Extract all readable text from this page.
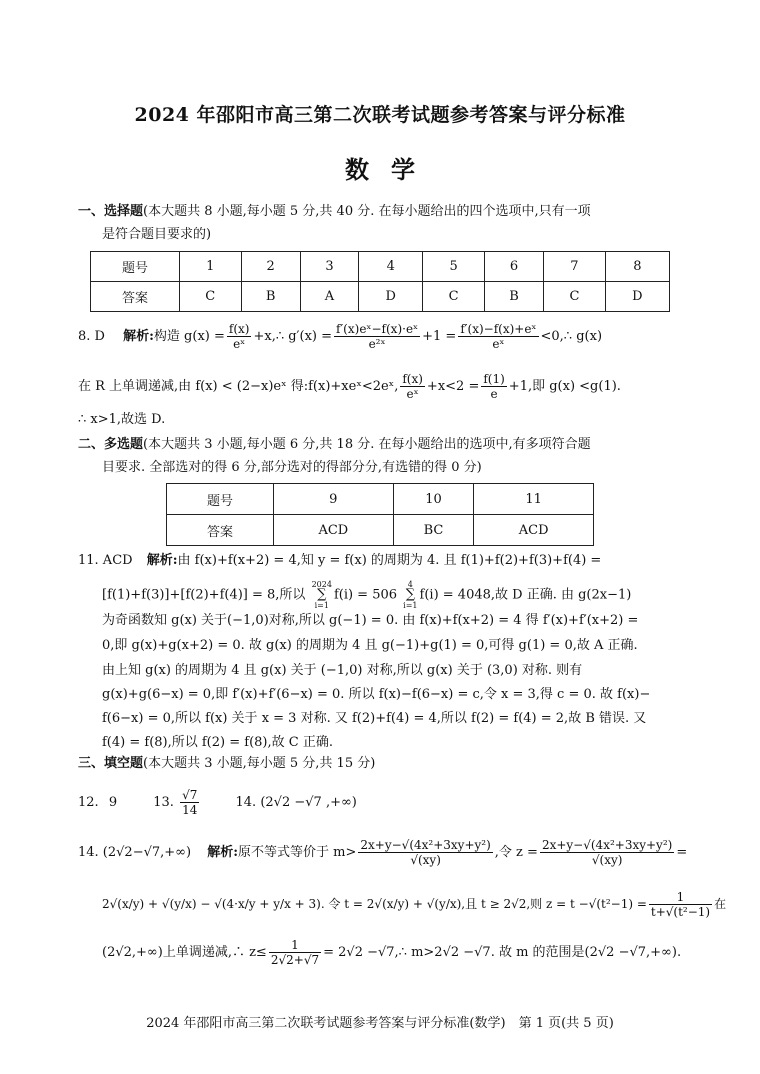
2024 年邵阳市高三第二次联考试题参考答案与评分标准
数学
一、选择题(本大题共 8 小题,每小题 5 分,共 40 分. 在每小题给出的四个选项中,只有一项
是符合题目要求的)
题号	1	2	3	4	5	6	7	8
答案	C	B	A	D	C	B	C	D
8. D 解析:构造 $g(x) = \frac{f(x)}{\text{eˣ}}$ +x,∴ $g'(x) = \frac{\text{f′(x)eˣ−f(x)·eˣ}}{\text{e²ˣ}} +1 = \frac{\text{f′(x)−f(x)+eˣ}}{\text{eˣ}}$ <0,∴ g(x)
在 R 上单调递减,由 f(x) < (2−x)eˣ 得:f(x)+xeˣ<2eˣ, $\frac{f(x)}{\text{eˣ}} +x<2 = \frac{f(1)}{e} +1$,即 g(x) <g(1).
∴ x>1,故选 D.
二、多选题(本大题共 3 小题,每小题 6 分,共 18 分. 在每小题给出的选项中,有多项符合题
目要求. 全部选对的得 6 分,部分选对的得部分分,有选错的得 0 分)
题号	9	10	11
答案	ACD	BC	ACD
11. ACD 解析:由 f(x)+f(x+2) = 4,知 y = f(x) 的周期为 4. 且 f(1)+f(2)+f(3)+f(4) =
[f(1)+f(3)]+[f(2)+f(4)] = 8,所以
2024
∑
i=1
f(i) = 506
4
∑
i=1
f(i) = 4048,故 D 正确. 由 g(2x−1)
为奇函数知 g(x) 关于(−1,0)对称,所以 g(−1) = 0. 由 f(x)+f(x+2) = 4 得 f′(x)+f′(x+2) =
0,即 g(x)+g(x+2) = 0. 故 g(x) 的周期为 4 且 g(−1)+g(1) = 0,可得 g(1) = 0,故 A 正确.
由上知 g(x) 的周期为 4 且 g(x) 关于 (−1,0) 对称,所以 g(x) 关于 (3,0) 对称. 则有
g(x)+g(6−x) = 0,即 f′(x)+f′(6−x) = 0. 所以 f(x)−f(6−x) = c,令 x = 3,得 c = 0. 故 f(x)−
f(6−x) = 0,所以 f(x) 关于 x = 3 对称. 又 f(2)+f(4) = 4,所以 f(2) = f(4) = 2,故 B 错误. 又
f(4) = f(8),所以 f(2) = f(8),故 C 正确.
三、填空题(本大题共 3 小题,每小题 5 分,共 15 分)
12. 9	13. $\frac{√7}{14}$	14. (2√2 −√7 ,+∞)
14. (2√2−√7,+∞) 解析:原不等式等价于 $m> \frac{\text{2x+y−√(4x²+3xy+y²)}}{√(xy)}$ ,令 $z = \frac{\text{2x+y−√(4x²+3xy+y²)}}{√(xy)}$ =
2√(x/y) + √(y/x) − √(4·x/y + y/x + 3). 令 t = 2√(x/y) + √(y/x),且 t ≥ 2√2,则 $z = t -√(t^2-1) = \frac{1}{\text{t+√(t²−1)}}$ 在
(2√2,+∞)上单调递减,∴ $z\le \frac{1}{2√2+√7} = 2√2$ −√7,∴ m>2√2 −√7. 故 m 的范围是(2√2 −√7,+∞).
2024 年邵阳市高三第二次联考试题参考答案与评分标准(数学)　第 1 页(共 5 页)
